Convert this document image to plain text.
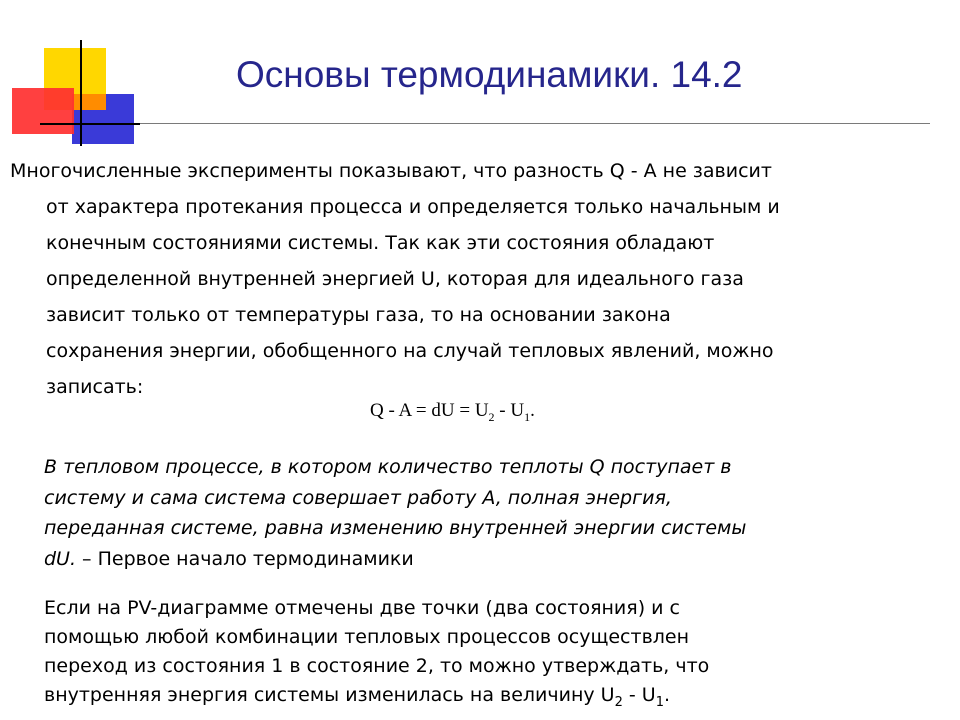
Основы термодинамики. 14.2

Многочисленные эксперименты показывают, что разность Q - A не зависит
от характера протекания процесса и определяется только начальным и
конечным состояниями системы. Так как эти состояния обладают
определенной внутренней энергией U, которая для идеального газа
зависит только от температуры газа, то на основании закона
сохранения энергии, обобщенного на случай тепловых явлений, можно
записать:

Q - A = dU = $U_2 - U_1$.

В тепловом процессе, в котором количество теплоты Q поступает в
систему и сама система совершает работу A, полная энергия,
переданная системе, равна изменению внутренней энергии системы
dU. – Первое начало термодинамики

Если на PV-диаграмме отмечены две точки (два состояния) и с
помощью любой комбинации тепловых процессов осуществлен
переход из состояния 1 в состояние 2, то можно утверждать, что
внутренняя энергия системы изменилась на величину $U_2 - U_1$.
